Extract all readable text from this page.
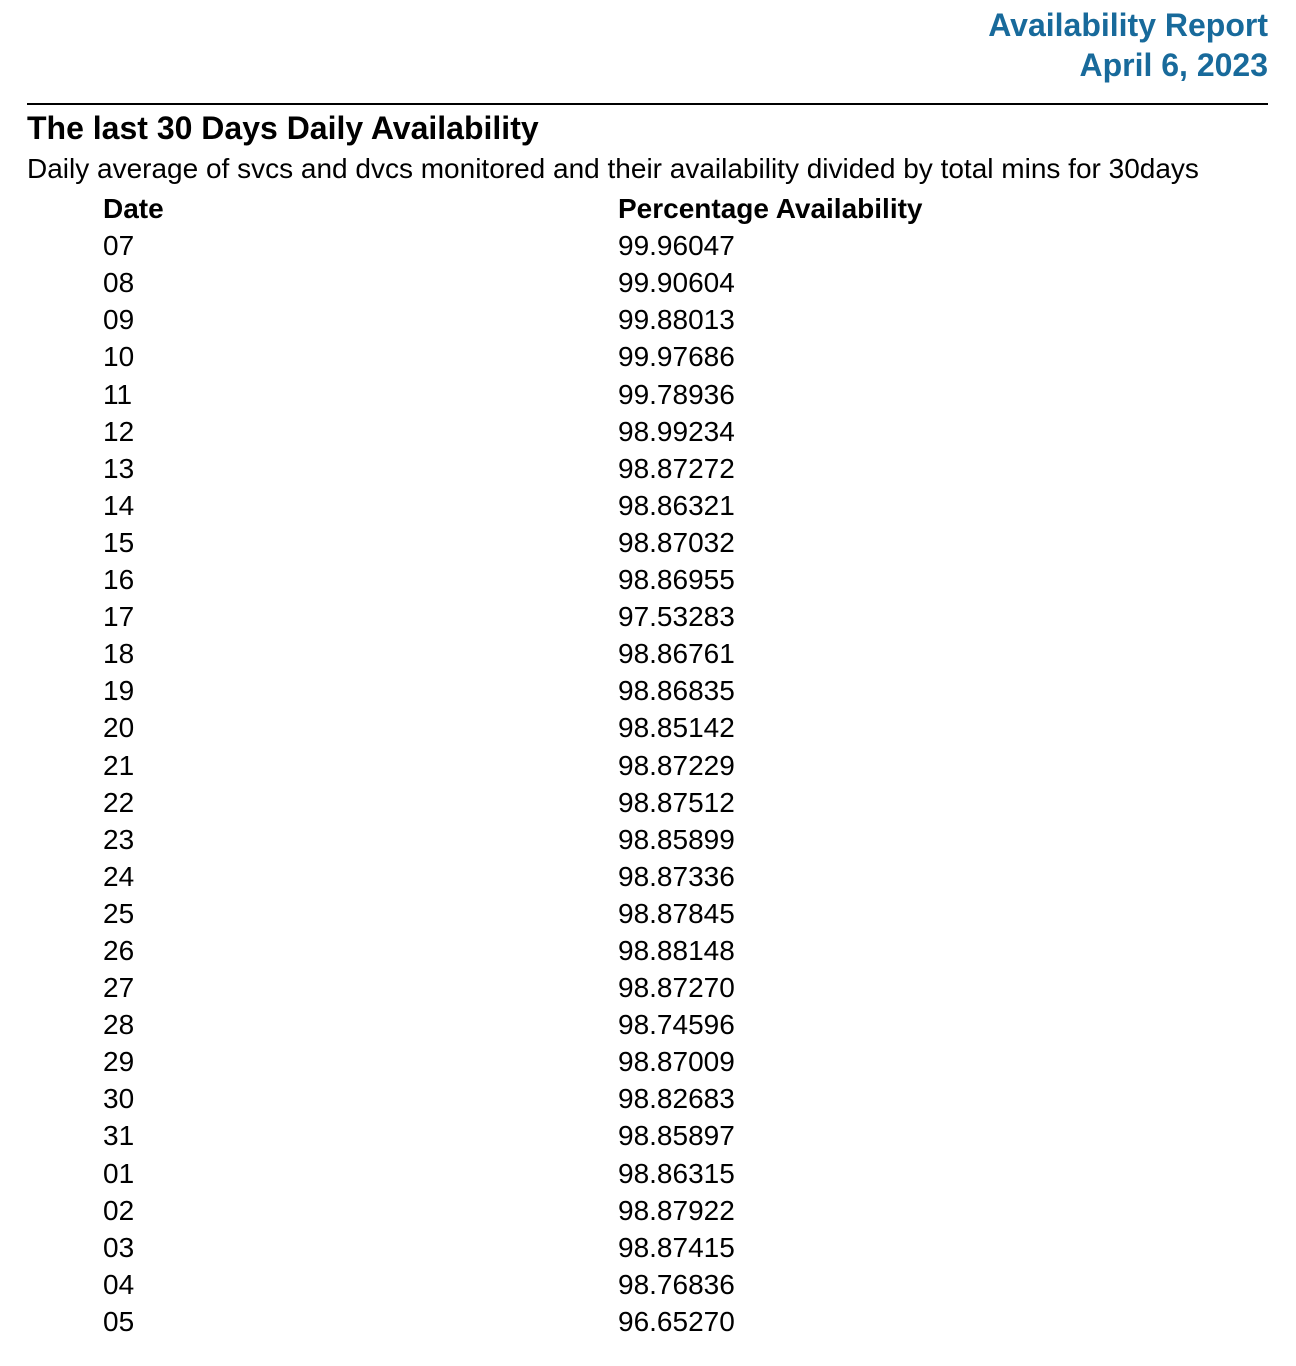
Availability Report
April 6, 2023
The last 30 Days Daily Availability

Daily average of svcs and dvcs monitored and their availability divided by total mins for 30days

Date	Percentage Availability
07	99.96047
08	99.90604
09	99.88013
10	99.97686
11	99.78936
12	98.99234
13	98.87272
14	98.86321
15	98.87032
16	98.86955
17	97.53283
18	98.86761
19	98.86835
20	98.85142
21	98.87229
22	98.87512
23	98.85899
24	98.87336
25	98.87845
26	98.88148
27	98.87270
28	98.74596
29	98.87009
30	98.82683
31	98.85897
01	98.86315
02	98.87922
03	98.87415
04	98.76836
05	96.65270
